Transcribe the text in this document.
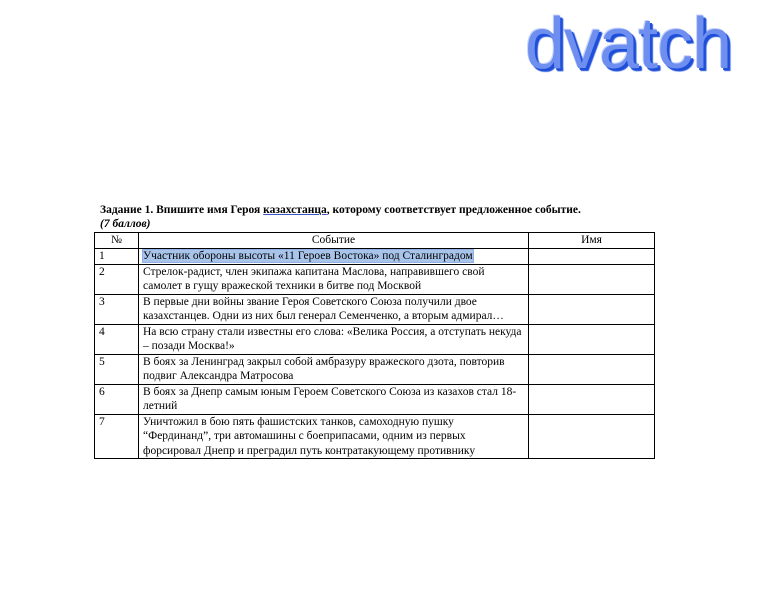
dvatch
Задание 1. Впишите имя Героя казахстанца, которому соответствует предложенное событие.
(7 баллов)
№	Событие	Имя
1	Участник обороны высоты «11 Героев Востока» под Сталинградом	
2	Стрелок-радист, член экипажа капитана Маслова, направившего свой самолет в гущу вражеской техники в битве под Москвой	
3	В первые дни войны звание Героя Советского Союза получили двое казахстанцев. Одни из них был генерал Семенченко, а вторым адмирал…	
4	На всю страну стали известны его слова: «Велика Россия, а отступать некуда – позади Москва!»	
5	В боях за Ленинград закрыл собой амбразуру вражеского дзота, повторив подвиг Александра Матросова	
6	В боях за Днепр самым юным Героем Советского Союза из казахов стал 18-летний	
7	Уничтожил в бою пять фашистских танков, самоходную пушку “Фердинанд”, три автомашины с боеприпасами, одним из первых форсировал Днепр и преградил путь контратакующему противнику	
